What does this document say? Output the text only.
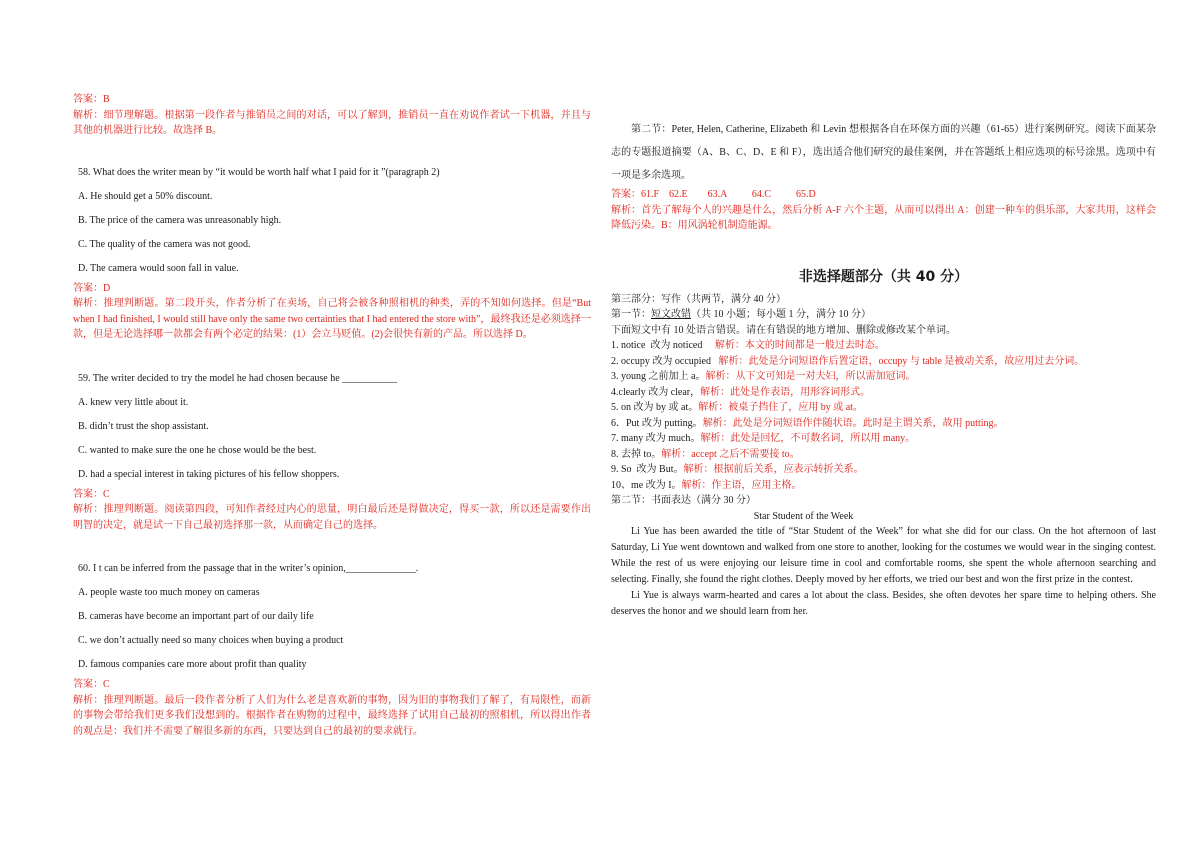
答案：B

解析：细节理解题。根据第一段作者与推销员之间的对话，可以了解到，推销员一直在劝说作者试一下机器，并且与其他的机器进行比较。故选择 B。

58. What does the writer mean by “it would be worth half what I paid for it ”(paragraph 2)

A. He should get a 50% discount.

B. The price of the camera was unreasonably high.

C. The quality of the camera was not good.

D. The camera would soon fall in value.

答案：D

解析：推理判断题。第二段开头，作者分析了在卖场，自己将会被各种照相机的种类，弄的不知如何选择。但是“But when I had finished, I would still have only the same two certainties that I had entered the store with”，最终我还是必须选择一款，但是无论选择哪一款都会有两个必定的结果：(1）会立马贬值。(2)会很快有新的产品。所以选择 D。

59. The writer decided to try the model he had chosen because he ___________

A. knew very little about it.

B. didn’t trust the shop assistant.

C. wanted to make sure the one he chose would be the best.

D. had a special interest in taking pictures of his fellow shoppers.

答案：C

解析：推理判断题。阅读第四段，可知作者经过内心的思量，明白最后还是得做决定，得买一款，所以还是需要作出明智的决定，就是试一下自己最初选择那一款，从而确定自己的选择。

60. I t can be inferred from the passage that in the writer’s opinion,______________.

A. people waste too much money on cameras

B. cameras have become an important part of our daily life

C. we don’t actually need so many choices when buying a product

D. famous companies care more about profit than quality

答案：C

解析：推理判断题。最后一段作者分析了人们为什么老是喜欢新的事物，因为旧的事物我们了解了，有局限性，而新的事物会带给我们更多我们没想到的。根据作者在购物的过程中，最终选择了试用自己最初的照相机，所以得出作者的观点是：我们并不需要了解很多新的东西，只要达到自己的最初的要求就行。

第二节：Peter, Helen, Catherine, Elizabeth 和 Levin 想根据各自在环保方面的兴趣（61-65）进行案例研究。阅读下面某杂志的专题报道摘要（A、B、C、D、E 和 F），选出适合他们研究的最佳案例，并在答题纸上相应选项的标号涂黑。选项中有一项是多余选项。

答案：61.F    62.E        63.A          64.C          65.D

解析：首先了解每个人的兴趣是什么，然后分析 A-F 六个主题，从而可以得出 A：创建一种车的俱乐部，大家共用，这样会降低污染。B：用风涡轮机制造能源。

非选择题部分（共 40 分）

第三部分：写作（共两节，满分 40 分）

第一节：短文改错（共 10 小题；每小题 1 分，满分 10 分）

下面短文中有 10 处语言错误。请在有错误的地方增加、删除或修改某个单词。

1. notice  改为 noticed     解析：本文的时间都是一般过去时态。

2. occupy 改为 occupied   解析：此处是分词短语作后置定语，occupy 与 table 是被动关系，故应用过去分词。

3. young 之前加上 a。解析：从下文可知是一对夫妇，所以需加冠词。

4.clearly 改为 clear，解析：此处是作表语，用形容词形式。

5. on 改为 by 或 at。解析：被桌子挡住了，应用 by 或 at。

6．Put 改为 putting。解析：此处是分词短语作伴随状语。此时是主谓关系，故用 putting。

7. many 改为 much。解析：此处是回忆，不可数名词，所以用 many。

8. 去掉 to。解析：accept 之后不需要接 to。

9. So  改为 But。解析：根据前后关系，应表示转折关系。

10、me 改为 I。解析：作主语，应用主格。

第二节：书面表达（满分 30 分）

Star Student of the Week

Li Yue has been awarded the title of “Star Student of the Week” for what she did for our class. On the hot afternoon of last Saturday, Li Yue went downtown and walked from one store to another, looking for the costumes we would wear in the singing contest. While the rest of us were enjoying our leisure time in cool and comfortable rooms, she spent the whole afternoon searching and selecting. Finally, she found the right clothes. Deeply moved by her efforts, we tried our best and won the first prize in the contest.

Li Yue is always warm-hearted and cares a lot about the class. Besides, she often devotes her spare time to helping others. She deserves the honor and we should learn from her.
